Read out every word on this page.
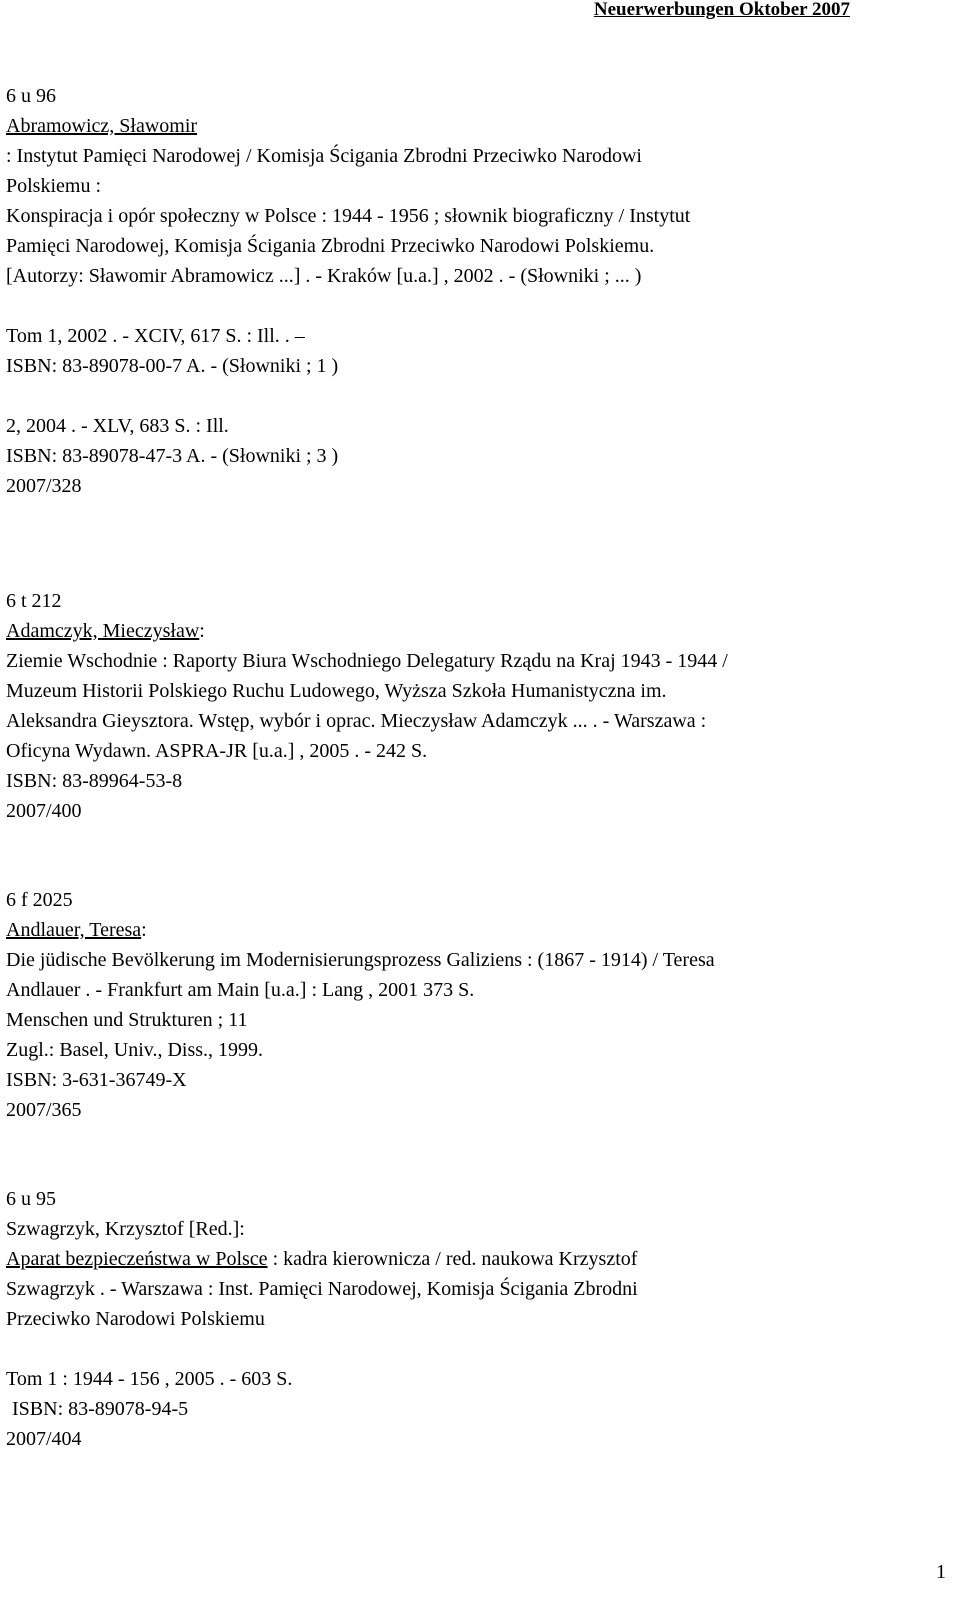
Neuerwerbungen Oktober 2007
6 u 96
Abramowicz, Sławomir
: Instytut Pamięci Narodowej / Komisja Ścigania Zbrodni Przeciwko Narodowi
Polskiemu :
Konspiracja i opór społeczny w Polsce : 1944 - 1956 ; słownik biograficzny / Instytut
Pamięci Narodowej, Komisja Ścigania Zbrodni Przeciwko Narodowi Polskiemu.
[Autorzy: Sławomir Abramowicz ...] . - Kraków [u.a.] , 2002 . - (Słowniki ; ... )
Tom 1, 2002 . - XCIV, 617 S. : Ill. . –
ISBN: 83-89078-00-7 A. - (Słowniki ; 1 )
2, 2004 . - XLV, 683 S. : Ill.
ISBN: 83-89078-47-3 A. - (Słowniki ; 3 )
2007/328
6 t 212
Adamczyk, Mieczysław:
Ziemie Wschodnie : Raporty Biura Wschodniego Delegatury Rządu na Kraj 1943 - 1944 /
Muzeum Historii Polskiego Ruchu Ludowego, Wyższa Szkoła Humanistyczna im.
Aleksandra Gieysztora. Wstęp, wybór i oprac. Mieczysław Adamczyk ... . - Warszawa :
Oficyna Wydawn. ASPRA-JR [u.a.] , 2005 . - 242 S.
ISBN: 83-89964-53-8
2007/400
6 f 2025
Andlauer, Teresa:
Die jüdische Bevölkerung im Modernisierungsprozess Galiziens : (1867 - 1914) / Teresa
Andlauer . - Frankfurt am Main [u.a.] : Lang , 2001 373 S.
Menschen und Strukturen ; 11
Zugl.: Basel, Univ., Diss., 1999.
ISBN: 3-631-36749-X
2007/365
6 u 95
Szwagrzyk, Krzysztof [Red.]:
Aparat bezpieczeństwa w Polsce : kadra kierownicza / red. naukowa Krzysztof
Szwagrzyk . - Warszawa : Inst. Pamięci Narodowej, Komisja Ścigania Zbrodni
Przeciwko Narodowi Polskiemu
Tom 1 : 1944 - 156 , 2005 . - 603 S.
ISBN: 83-89078-94-5
2007/404
1
